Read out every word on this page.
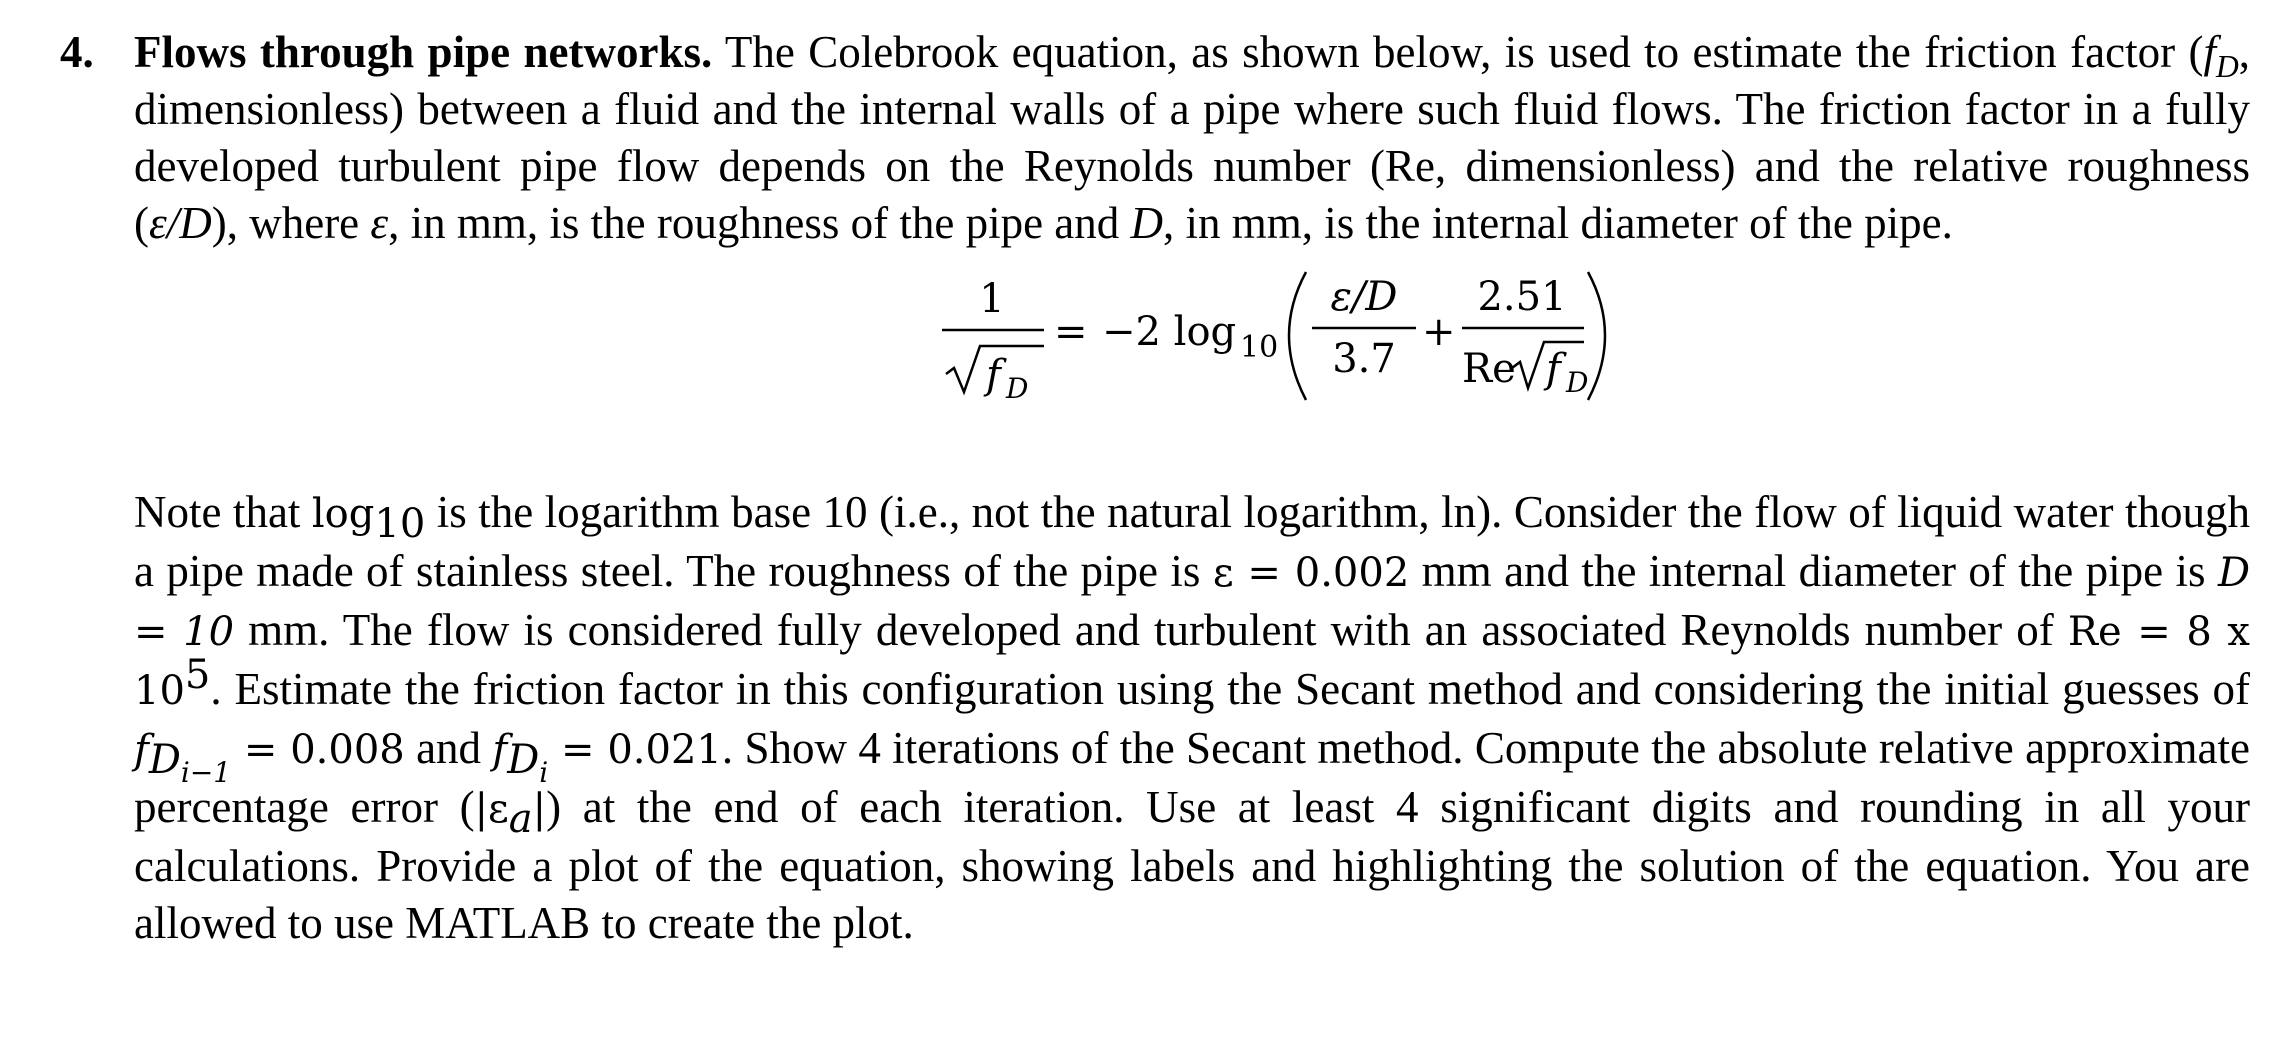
4. Flows through pipe networks. The Colebrook equation, as shown below, is used to estimate the friction factor ($f_D$, dimensionless) between a fluid and the internal walls of a pipe where such fluid flows. The friction factor in a fully developed turbulent pipe flow depends on the Reynolds number (Re, dimensionless) and the relative roughness (ε/D), where ε, in mm, is the roughness of the pipe and D, in mm, is the internal diameter of the pipe.
1
f D
= −2 log 10
ε/D
3.7
+
2.51
Re f D
Note that $\log_{10}$ is the logarithm base 10 (i.e., not the natural logarithm, ln). Consider the flow of liquid water though a pipe made of stainless steel. The roughness of the pipe is ε = 0.002 mm and the internal diameter of the pipe is D = 10 mm. The flow is considered fully developed and turbulent with an associated Reynolds number of Re = 8 x $10^5$. Estimate the friction factor in this configuration using the Secant method and considering the initial guesses of $f_{D_{i-1}} = 0.008$ and $f_{D_i} = 0.021$. Show 4 iterations of the Secant method. Compute the absolute relative approximate percentage error $(|\varepsilon_a|)$ at the end of each iteration. Use at least 4 significant digits and rounding in all your calculations. Provide a plot of the equation, showing labels and highlighting the solution of the equation. You are allowed to use MATLAB to create the plot.
